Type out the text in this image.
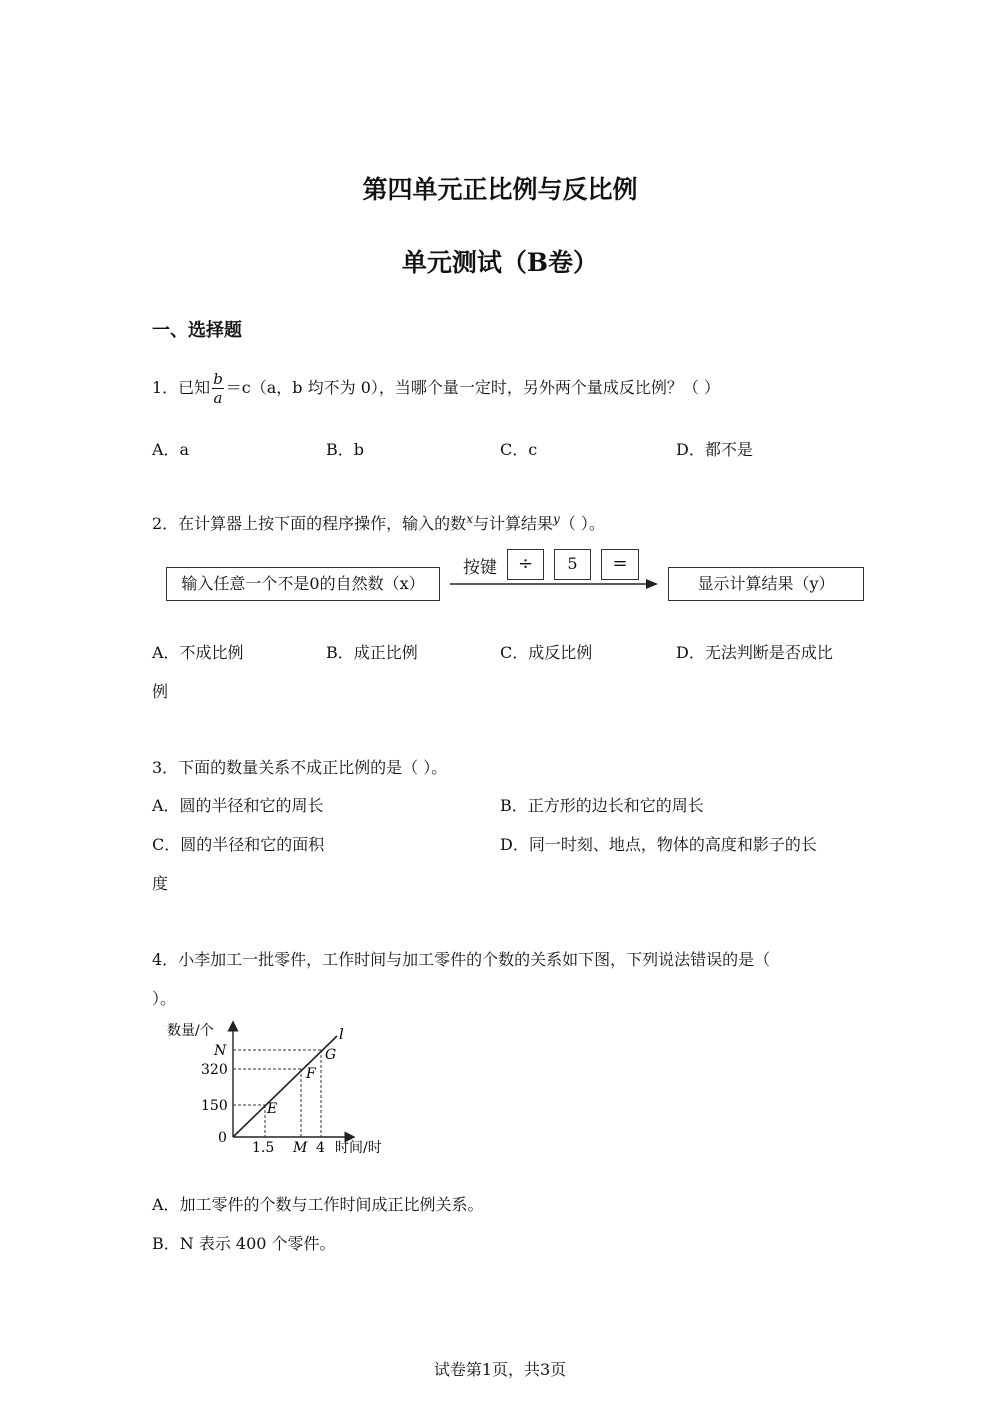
第四单元正比例与反比例
单元测试（B卷）
一、选择题
1．已知 $\frac{b}{a} =c(a$，b 均不为 0），当哪个量一定时，另外两个量成反比例？（ ）
A．a	B．b	C．c	D．都不是
2．在计算器上按下面的程序操作，输入的数$^x$与计算结果$^y$（ ）。
输入任意一个不是0的自然数（x）
按键	÷	5	=
显示计算结果（y）
A．不成比例	B．成正比例	C．成反比例	D．无法判断是否成比
例
3．下面的数量关系不成正比例的是（ ）。
A．圆的半径和它的周长	B．正方形的边长和它的周长
C．圆的半径和它的面积	D．同一时刻、地点，物体的高度和影子的长
度
4．小李加工一批零件，工作时间与加工零件的个数的关系如下图，下列说法错误的是（
）。
数量/个
N
320
150
0
1.5 M 4 时间/时
E
F
G
l
A．加工零件的个数与工作时间成正比例关系。
B．N 表示 400 个零件。
试卷第1页，共3页
